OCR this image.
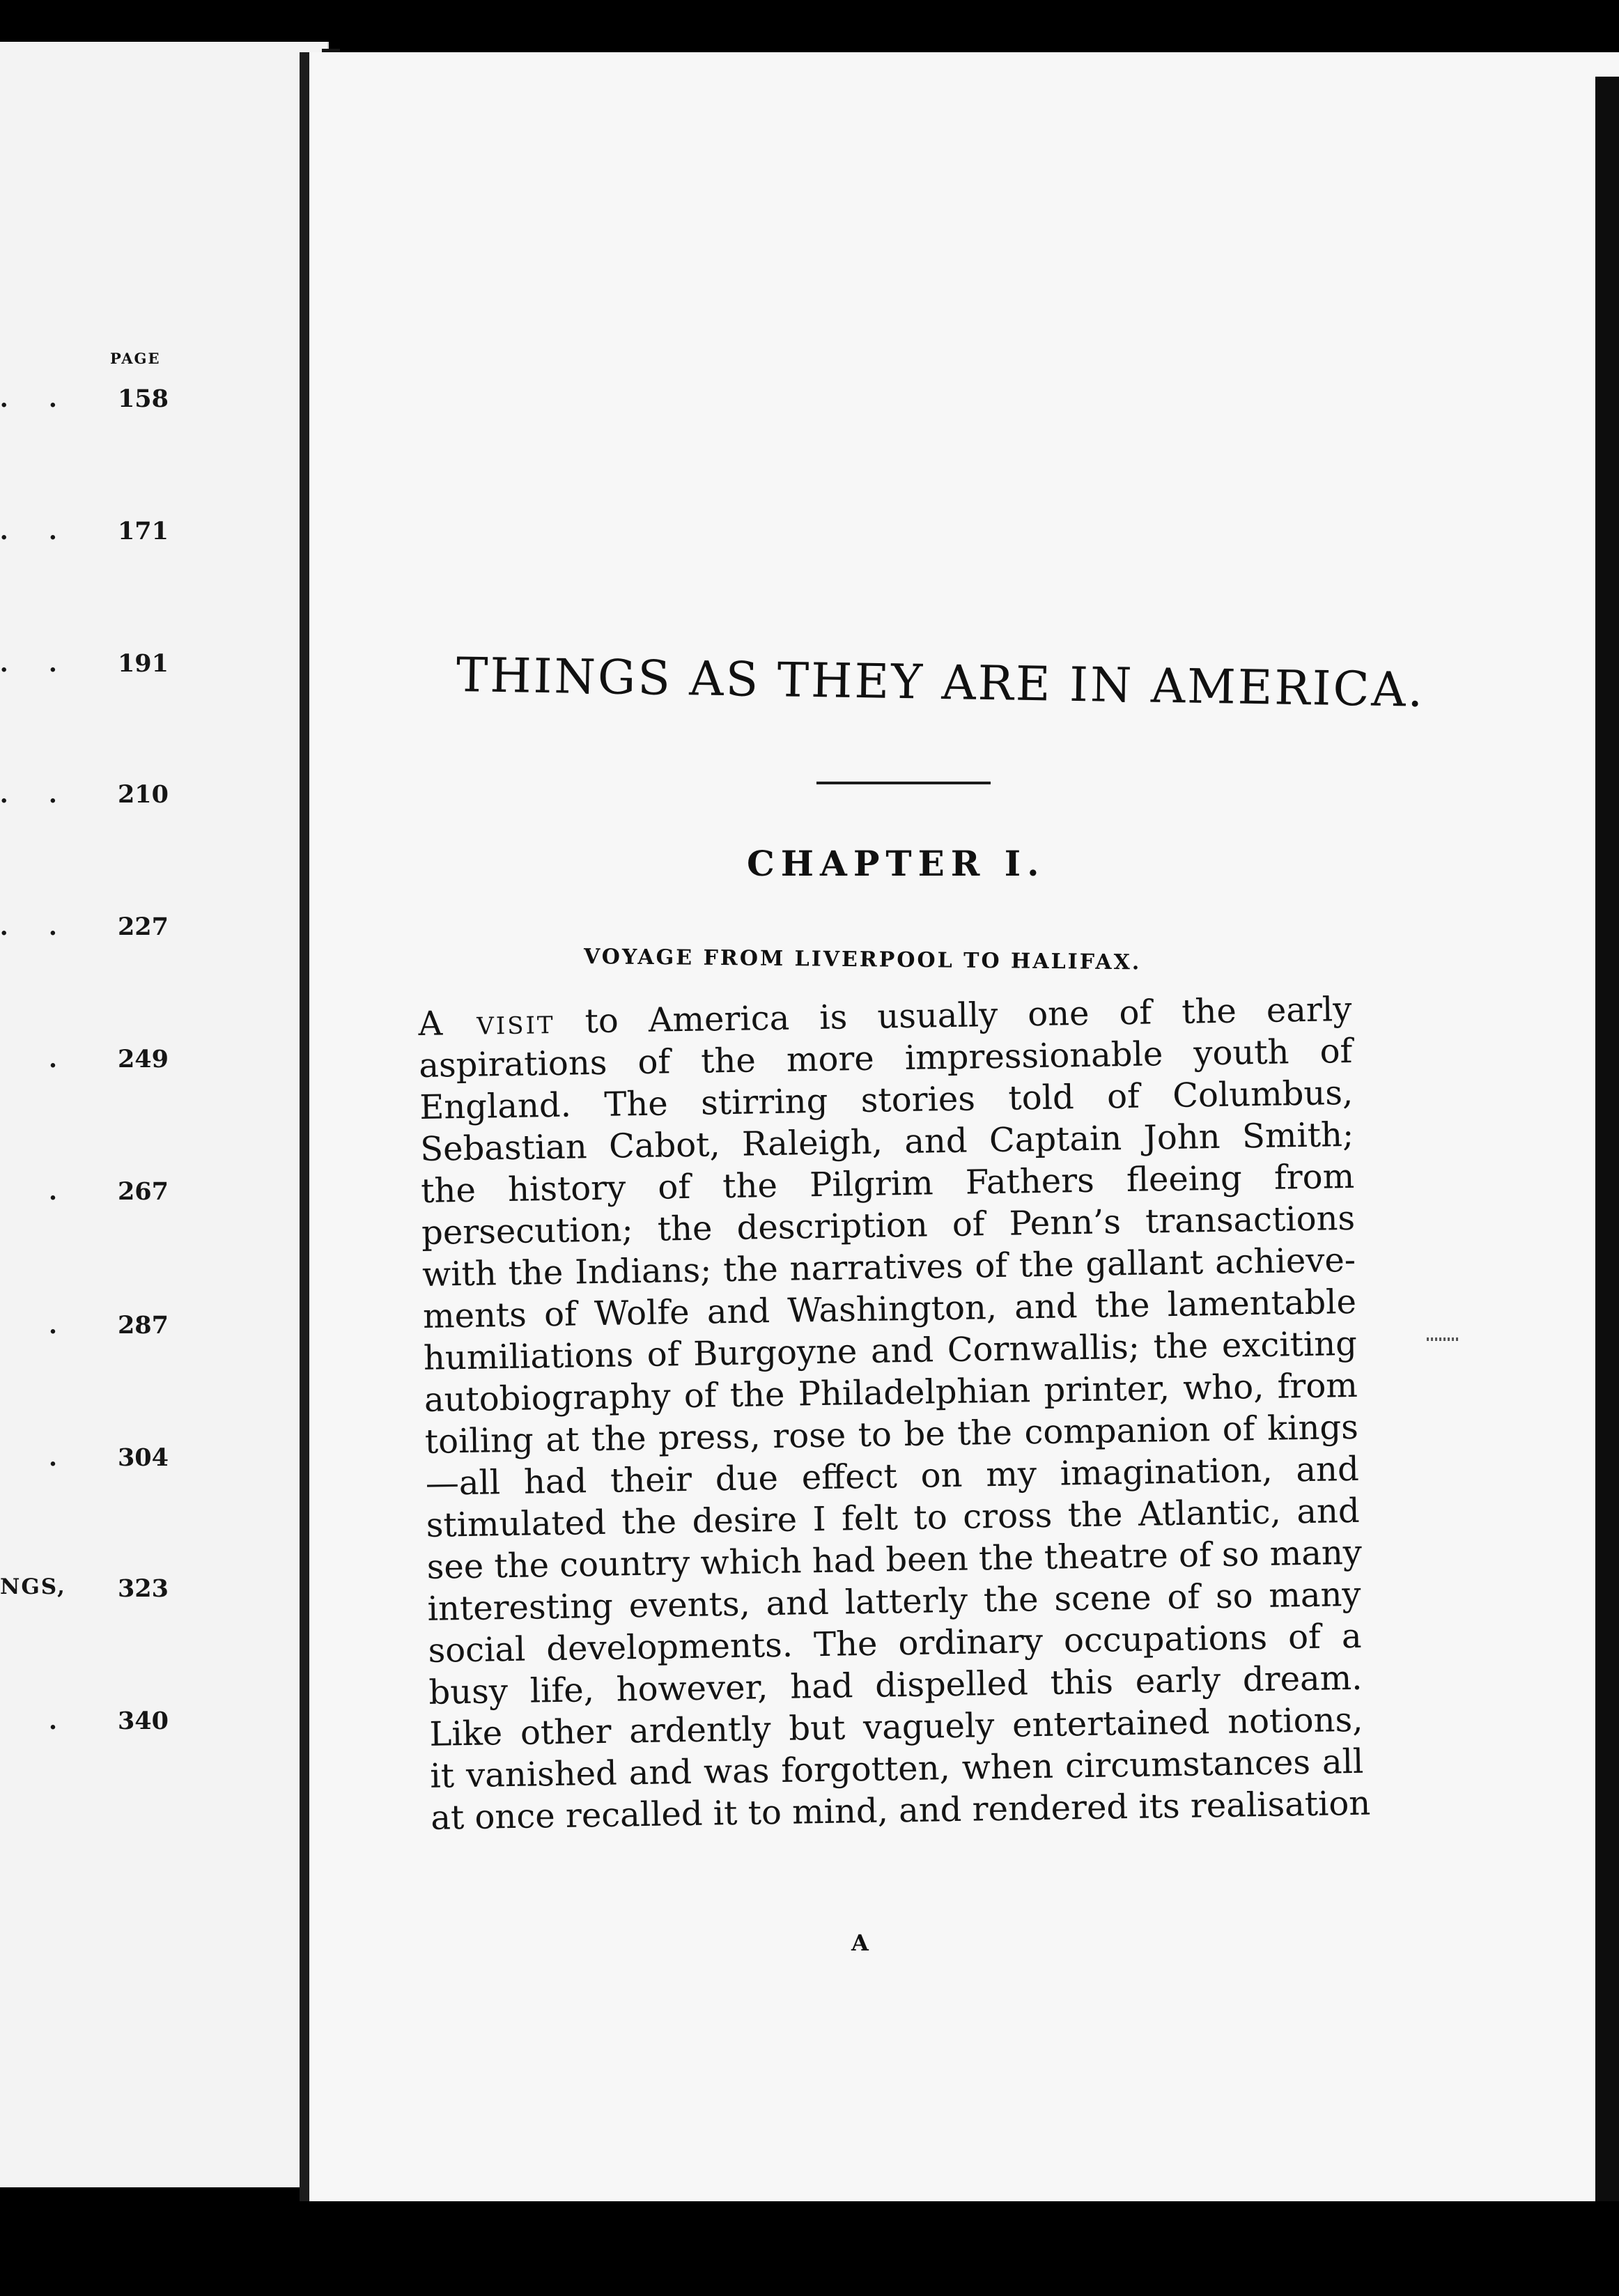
PAGE
.. 158
.. 171
.. 191
.. 210
.. 227
. 249
. 267
. 287
. 304
NGS, 323
. 340
THINGS AS THEY ARE IN AMERICA.
CHAPTER I.
VOYAGE FROM LIVERPOOL TO HALIFAX.
A visit to America is usually one of the early
aspirations of the more impressionable youth of
England. The stirring stories told of Columbus,
Sebastian Cabot, Raleigh, and Captain John Smith;
the history of the Pilgrim Fathers fleeing from
persecution; the description of Penn’s transactions
with the Indians; the narratives of the gallant achieve-
ments of Wolfe and Washington, and the lamentable
humiliations of Burgoyne and Cornwallis; the exciting
autobiography of the Philadelphian printer, who, from
toiling at the press, rose to be the companion of kings
—all had their due effect on my imagination, and
stimulated the desire I felt to cross the Atlantic, and
see the country which had been the theatre of so many
interesting events, and latterly the scene of so many
social developments. The ordinary occupations of a
busy life, however, had dispelled this early dream.
Like other ardently but vaguely entertained notions,
it vanished and was forgotten, when circumstances all
at once recalled it to mind, and rendered its realisation
A
